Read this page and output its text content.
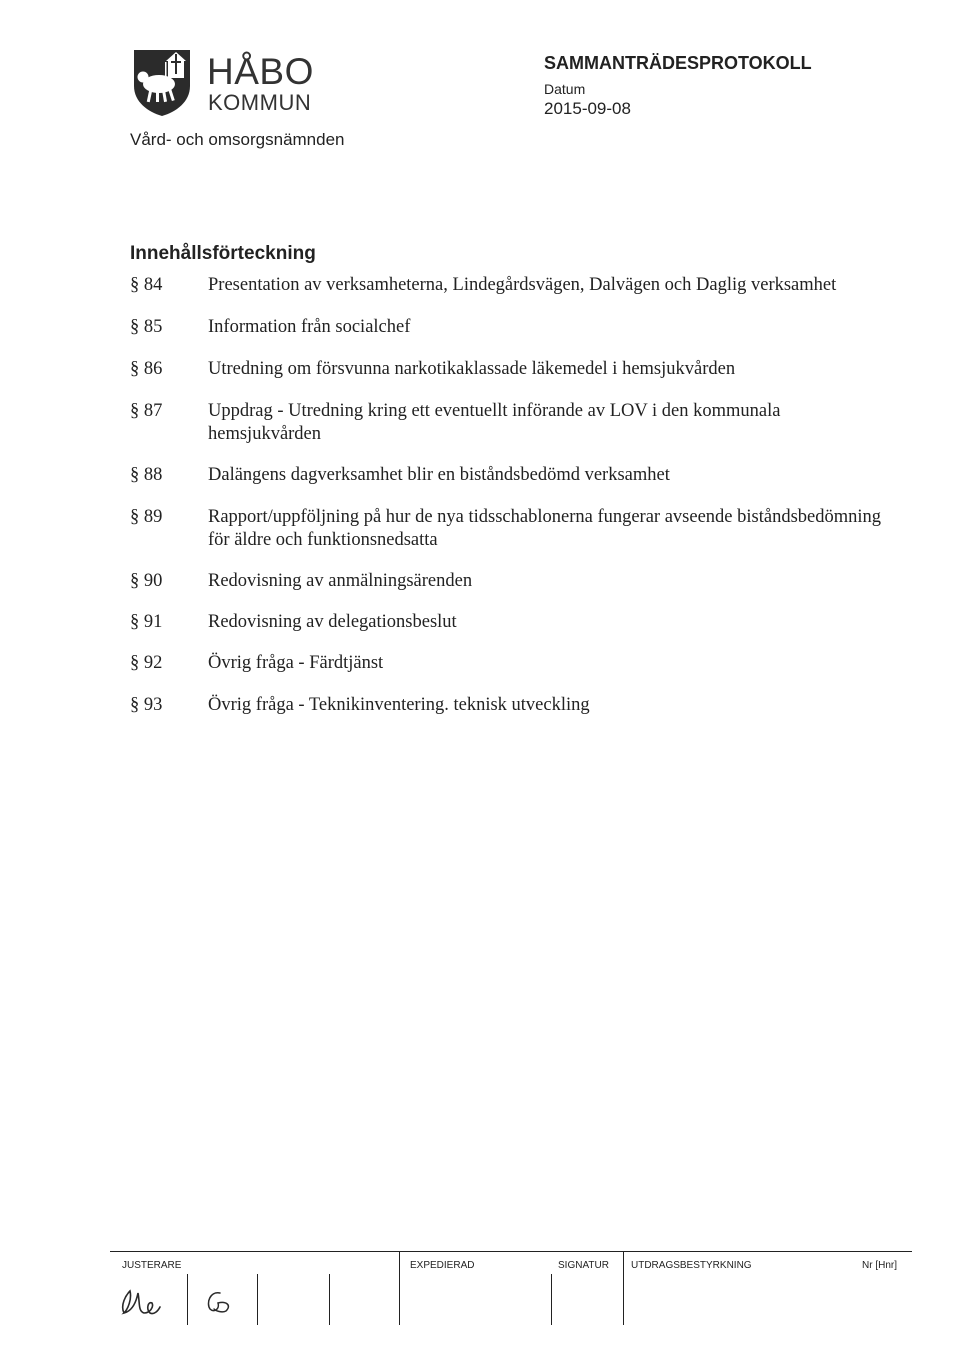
HÅBO
KOMMUN
Vård- och omsorgsnämnden
SAMMANTRÄDESPROTOKOLL
Datum
2015-09-08
Innehållsförteckning
§ 84	Presentation av verksamheterna, Lindegårdsvägen, Dalvägen och Daglig verksamhet
§ 85	Information från socialchef
§ 86	Utredning om försvunna narkotikaklassade läkemedel i hemsjukvården
§ 87	Uppdrag - Utredning kring ett eventuellt införande av LOV i den kommunala hemsjukvården
§ 88	Dalängens dagverksamhet blir en biståndsbedömd verksamhet
§ 89	Rapport/uppföljning på hur de nya tidsschablonerna fungerar avseende biståndsbedömning för äldre och funktionsnedsatta
§ 90	Redovisning av anmälningsärenden
§ 91	Redovisning av delegationsbeslut
§ 92	Övrig fråga - Färdtjänst
§ 93	Övrig fråga - Teknikinventering. teknisk utveckling
JUSTERARE	EXPEDIERAD	SIGNATUR UTDRAGSBESTYRKNING	Nr [Hnr]
